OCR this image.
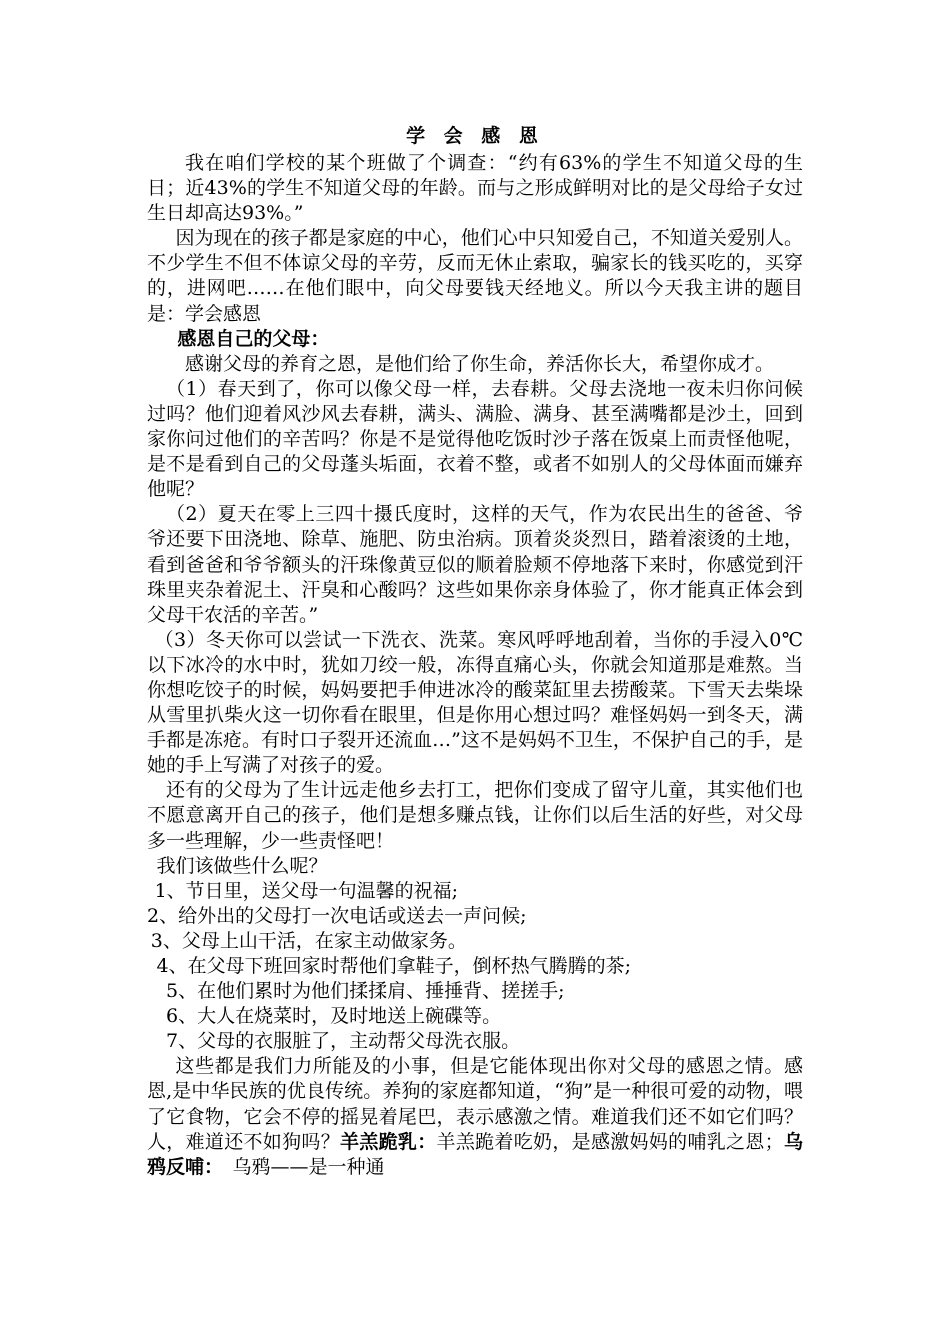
学 会 感 恩

我在咱们学校的某个班做了个调查：“约有63%的学生不知道父母的生日；近43%的学生不知道父母的年龄。而与之形成鲜明对比的是父母给子女过生日却高达93%。”

因为现在的孩子都是家庭的中心，他们心中只知爱自己，不知道关爱别人。不少学生不但不体谅父母的辛劳，反而无休止索取，骗家长的钱买吃的，买穿的，进网吧……在他们眼中，向父母要钱天经地义。所以今天我主讲的题目是：学会感恩

感恩自己的父母：

感谢父母的养育之恩，是他们给了你生命，养活你长大，希望你成才。

（1）春天到了，你可以像父母一样，去春耕。父母去浇地一夜未归你问候过吗？他们迎着风沙风去春耕，满头、满脸、满身、甚至满嘴都是沙土，回到家你问过他们的辛苦吗？你是不是觉得他吃饭时沙子落在饭桌上而责怪他呢，是不是看到自己的父母蓬头垢面，衣着不整，或者不如别人的父母体面而嫌弃他呢？

（2）夏天在零上三四十摄氏度时，这样的天气，作为农民出生的爸爸、爷爷还要下田浇地、除草、施肥、防虫治病。顶着炎炎烈日，踏着滚烫的土地，看到爸爸和爷爷额头的汗珠像黄豆似的顺着脸颊不停地落下来时，你感觉到汗珠里夹杂着泥土、汗臭和心酸吗？这些如果你亲身体验了，你才能真正体会到父母干农活的辛苦。”

（3）冬天你可以尝试一下洗衣、洗菜。寒风呼呼地刮着，当你的手浸入0℃以下冰冷的水中时，犹如刀绞一般，冻得直痛心头，你就会知道那是难熬。当你想吃饺子的时候，妈妈要把手伸进冰冷的酸菜缸里去捞酸菜。下雪天去柴垛从雪里扒柴火这一切你看在眼里，但是你用心想过吗？难怪妈妈一到冬天，满手都是冻疮。有时口子裂开还流血…”这不是妈妈不卫生，不保护自己的手，是她的手上写满了对孩子的爱。

还有的父母为了生计远走他乡去打工，把你们变成了留守儿童，其实他们也不愿意离开自己的孩子，他们是想多赚点钱，让你们以后生活的好些，对父母多一些理解，少一些责怪吧！

我们该做些什么呢？

1、节日里，送父母一句温馨的祝福;

2、给外出的父母打一次电话或送去一声问候;

3、父母上山干活，在家主动做家务。

4、在父母下班回家时帮他们拿鞋子，倒杯热气腾腾的茶;

5、在他们累时为他们揉揉肩、捶捶背、搓搓手;

6、大人在烧菜时，及时地送上碗碟等。

7、父母的衣服脏了，主动帮父母洗衣服。

这些都是我们力所能及的小事，但是它能体现出你对父母的感恩之情。感恩,是中华民族的优良传统。养狗的家庭都知道，“狗”是一种很可爱的动物，喂了它食物，它会不停的摇晃着尾巴，表示感激之情。难道我们还不如它们吗？人，难道还不如狗吗？羊羔跪乳：羊羔跪着吃奶，是感激妈妈的哺乳之恩；乌鸦反哺：　乌鸦——是一种通
